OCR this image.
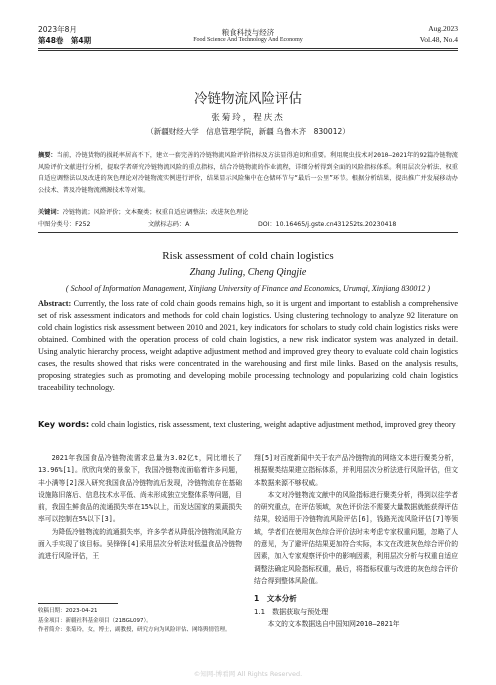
2023年8月
第48卷　第4期
粮食科技与经济
Food Science And Technology And Economy
Aug.2023
Vol.48, No.4
冷链物流风险评估
张菊玲，程庆杰
（新疆财经大学　信息管理学院，新疆 乌鲁木齐　830012）
摘要：当前，冷链货物的损耗率居高不下，建立一套完善的冷链物流风险评价指标及方法显得迫切和重要。利用爬虫技术对2010—2021年的92篇冷链物流风险评价文献进行分析，提取学者研究冷链物流风险的重点指标，结合冷链物流的作业流程，详细分析得到全面的风险指标体系。利用层次分析法、权重自适应调整法以及改进的灰色理论对冷链物流实例进行评价，结果显示风险集中在仓储环节与“最后一公里”环节。根据分析结果，提出推广并发展移动办公技术、普及冷链物流溯源技术等对策。
关键词：冷链物流；风险评价；文本聚类；权重自适应调整法；改进灰色理论
中图分类号：F252	文献标志码：A	DOI：10.16465/j.gste.cn431252ts.20230418
Risk assessment of cold chain logistics
Zhang Juling, Cheng Qingjie
( School of Information Management, Xinjiang University of Finance and Economics, Urumqi, Xinjiang 830012 )
Abstract: Currently, the loss rate of cold chain goods remains high, so it is urgent and important to establish a comprehensive set of risk assessment indicators and methods for cold chain logistics. Using clustering technology to analyze 92 literature on cold chain logistics risk assessment between 2010 and 2021, key indicators for scholars to study cold chain logistics risks were obtained. Combined with the operation process of cold chain logistics, a new risk indicator system was analyzed in detail. Using analytic hierarchy process, weight adaptive adjustment method and improved grey theory to evaluate cold chain logistics cases, the results showed that risks were concentrated in the warehousing and first mile links. Based on the analysis results, proposing strategies such as promoting and developing mobile processing technology and popularizing cold chain logistics traceability technology.
Key words: cold chain logistics, risk assessment, text clustering, weight adaptive adjustment method, improved grey theory

2021年我国食品冷链物流需求总量为3.02亿t，同比增长了13.96%[1]。欣欣向荣的景象下，我国冷链物流面临着许多问题，丰小满等[2]深入研究我国食品冷链物流后发现，冷链物流存在基础设施陈旧落后、信息技术水平低、尚未形成独立完整体系等问题，目前，我国生鲜食品的流通损失率在15%以上，而发达国家的果蔬损失率可以控制在5%以下[3]。

为降低冷链物流的流通损失率，许多学者从降低冷链物流风险方面入手实现了该目标。吴锋锋[4]采用层次分析法对低温食品冷链物流进行风险评估，王

收稿日期：2023-04-21
基金项目：新疆社科基金项目（21BGL097）。
作者简介：张菊玲，女，博士，副教授，研究方向为风险评估、网络舆情管理。

翔[5]对百度新闻中关于农产品冷链物流的网络文本进行聚类分析，根据聚类结果建立指标体系，并利用层次分析法进行风险评估，但文本数据来源不够权威。

本文对冷链物流文献中的风险指标进行聚类分析，得到以往学者的研究重点，在评估领域，灰色评价法不需要大量数据就能获得评估结果，较适用于冷链物流风险评估[6]，钱路光流风险评估[7]等领域，学者们在使用灰色综合评价法时未考虑专家权重问题，忽略了人的意见，为了避评估结果更加符合实际，本文在改进灰色综合评价的因素，加入专家观察评价中的影响因素，利用层次分析与权重自适应调整法确定风险指标权重，最后，将指标权重与改进的灰色综合评价结合得到整体风险值。

1　文本分析

1.1　数据获取与预处理

本文的文本数据选自中国知网2010—2021年

©知网-博看网 All Rights Reserved.
